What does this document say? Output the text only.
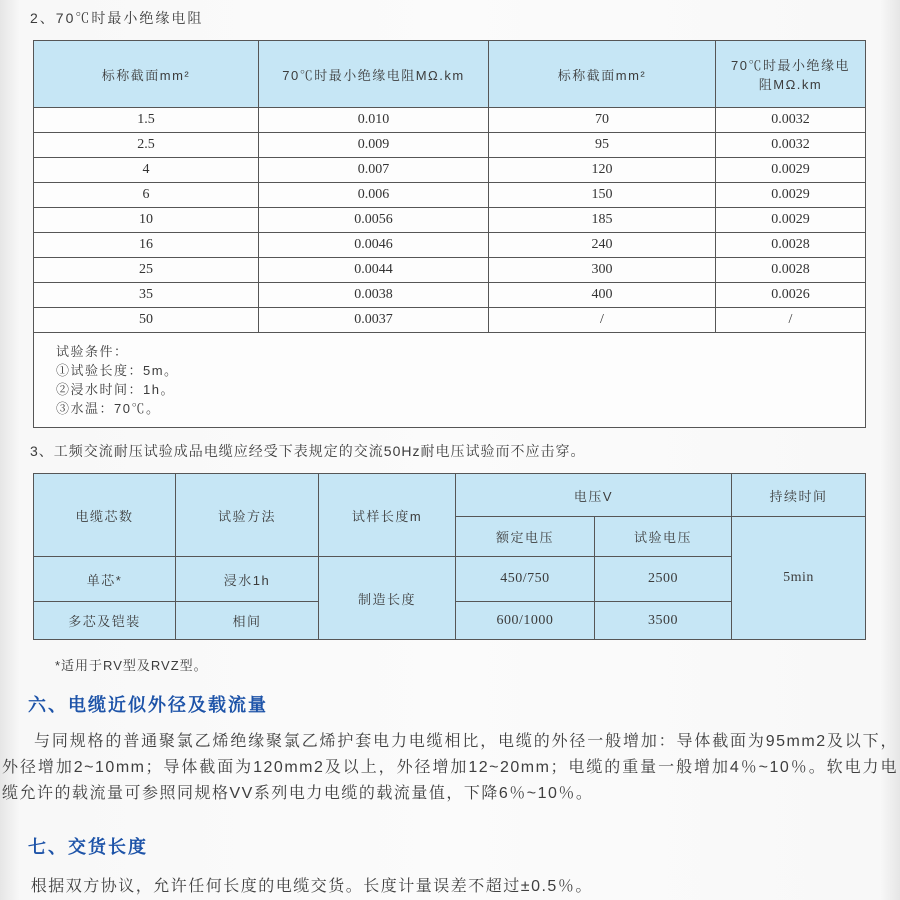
2、70℃时最小绝缘电阻
标称截面mm²	70℃时最小绝缘电阻MΩ.km	标称截面mm²	70℃时最小绝缘电阻MΩ.km
1.5	0.010	70	0.0032
2.5	0.009	95	0.0032
4	0.007	120	0.0029
6	0.006	150	0.0029
10	0.0056	185	0.0029
16	0.0046	240	0.0028
25	0.0044	300	0.0028
35	0.0038	400	0.0026
50	0.0037	/	/

试验条件：
①试验长度：5m。
②浸水时间：1h。
③水温：70℃。			
3、工频交流耐压试验成品电缆应经受下表规定的交流50Hz耐电压试验而不应击穿。
电缆芯数	试验方法	试样长度m	电压V		持续时间
			额定电压	试验电压	5min
单芯*	浸水1h	制造长度	450/750	2500	
多芯及铠装	相间		600/1000	3500	
*适用于RV型及RVZ型。
六、电缆近似外径及载流量

与同规格的普通聚氯乙烯绝缘聚氯乙烯护套电力电缆相比，电缆的外径一般增加：导体截面为95mm2及以下，外径增加2~10mm；导体截面为120mm2及以上，外径增加12~20mm；电缆的重量一般增加4％~10％。软电力电缆允许的载流量可参照同规格VV系列电力电缆的载流量值，下降6％~10％。

七、交货长度

根据双方协议，允许任何长度的电缆交货。长度计量误差不超过±0.5％。
